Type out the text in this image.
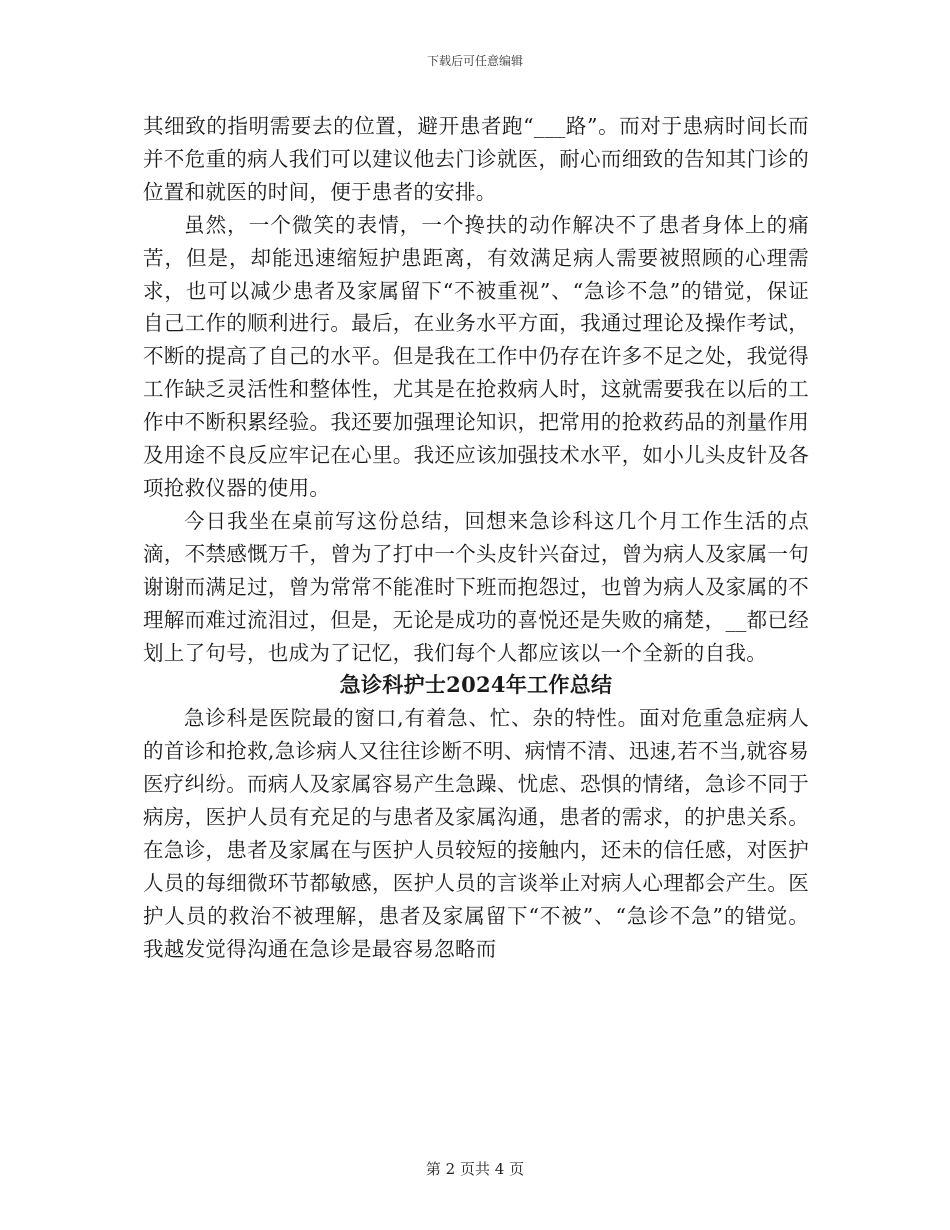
下载后可任意编辑

其细致的指明需要去的位置，避开患者跑“___路”。而对于患病时间长而并不危重的病人我们可以建议他去门诊就医，耐心而细致的告知其门诊的位置和就医的时间，便于患者的安排。

虽然，一个微笑的表情，一个搀扶的动作解决不了患者身体上的痛苦，但是，却能迅速缩短护患距离，有效满足病人需要被照顾的心理需求，也可以减少患者及家属留下“不被重视”、“急诊不急”的错觉，保证自己工作的顺利进行。最后，在业务水平方面，我通过理论及操作考试，不断的提高了自己的水平。但是我在工作中仍存在许多不足之处，我觉得工作缺乏灵活性和整体性，尤其是在抢救病人时，这就需要我在以后的工作中不断积累经验。我还要加强理论知识，把常用的抢救药品的剂量作用及用途不良反应牢记在心里。我还应该加强技术水平，如小儿头皮针及各项抢救仪器的使用。

今日我坐在桌前写这份总结，回想来急诊科这几个月工作生活的点滴，不禁感慨万千，曾为了打中一个头皮针兴奋过，曾为病人及家属一句谢谢而满足过，曾为常常不能准时下班而抱怨过，也曾为病人及家属的不理解而难过流泪过，但是，无论是成功的喜悦还是失败的痛楚，__都已经划上了句号，也成为了记忆，我们每个人都应该以一个全新的自我。

急诊科护士2024年工作总结

急诊科是医院最的窗口,有着急、忙、杂的特性。面对危重急症病人的首诊和抢救,急诊病人又往往诊断不明、病情不清、迅速,若不当,就容易医疗纠纷。而病人及家属容易产生急躁、忧虑、恐惧的情绪，急诊不同于病房，医护人员有充足的与患者及家属沟通，患者的需求，的护患关系。在急诊，患者及家属在与医护人员较短的接触内，还未的信任感，对医护人员的每细微环节都敏感，医护人员的言谈举止对病人心理都会产生。医护人员的救治不被理解，患者及家属留下“不被”、“急诊不急”的错觉。我越发觉得沟通在急诊是最容易忽略而

第 2 页共 4 页
